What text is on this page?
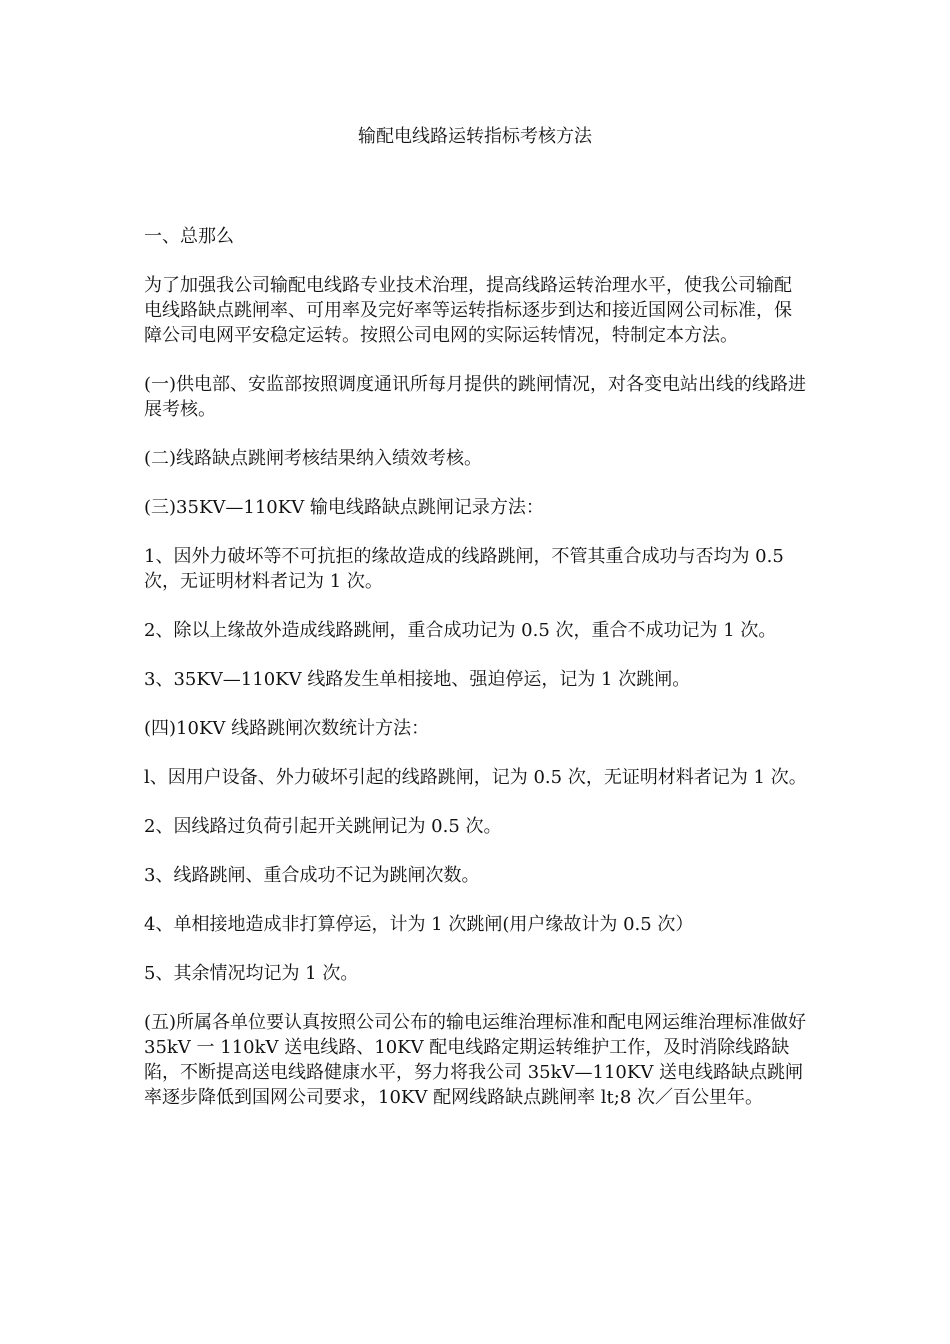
输配电线路运转指标考核方法

一、总那么

为了加强我公司输配电线路专业技术治理，提高线路运转治理水平，使我公司输配电线路缺点跳闸率、可用率及完好率等运转指标逐步到达和接近国网公司标准，保障公司电网平安稳定运转。按照公司电网的实际运转情况，特制定本方法。

(一)供电部、安监部按照调度通讯所每月提供的跳闸情况，对各变电站出线的线路进展考核。

(二)线路缺点跳闸考核结果纳入绩效考核。

(三)35KV—110KV 输电线路缺点跳闸记录方法：

1、因外力破坏等不可抗拒的缘故造成的线路跳闸，不管其重合成功与否均为 0.5 次，无证明材料者记为 1 次。

2、除以上缘故外造成线路跳闸，重合成功记为 0.5 次，重合不成功记为 1 次。

3、35KV—110KV 线路发生单相接地、强迫停运，记为 1 次跳闸。

(四)10KV 线路跳闸次数统计方法：

l、因用户设备、外力破坏引起的线路跳闸，记为 0.5 次，无证明材料者记为 1 次。

2、因线路过负荷引起开关跳闸记为 0.5 次。

3、线路跳闸、重合成功不记为跳闸次数。

4、单相接地造成非打算停运，计为 1 次跳闸(用户缘故计为 0.5 次）

5、其余情况均记为 1 次。

(五)所属各单位要认真按照公司公布的输电运维治理标准和配电网运维治理标准做好 35kV 一 110kV 送电线路、10KV 配电线路定期运转维护工作，及时消除线路缺陷，不断提高送电线路健康水平，努力将我公司 35kV—110KV 送电线路缺点跳闸率逐步降低到国网公司要求，10KV 配网线路缺点跳闸率 lt;8 次／百公里年。
